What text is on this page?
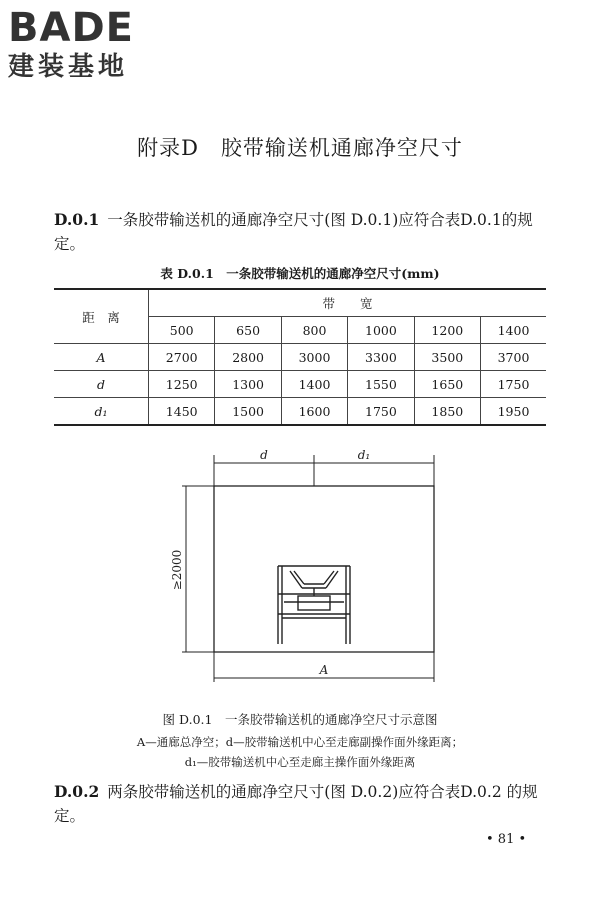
BADE
建装基地
附录D　胶带输送机通廊净空尺寸
D.0.1 一条胶带输送机的通廊净空尺寸(图 D.0.1)应符合表D.0.1的规定。
表 D.0.1　一条胶带输送机的通廊净空尺寸(mm)
距　离	带　　宽					
	500	650	800	1000	1200	1400
A	2700	2800	3000	3300	3500	3700
d	1250	1300	1400	1550	1650	1750
d₁	1450	1500	1600	1750	1850	1950
d	d₁
≥2000
A
图 D.0.1　一条胶带输送机的通廊净空尺寸示意图
A—通廊总净空；d—胶带输送机中心至走廊副操作面外缘距离；
d₁—胶带输送机中心至走廊主操作面外缘距离
D.0.2 两条胶带输送机的通廊净空尺寸(图 D.0.2)应符合表D.0.2 的规定。
• 81 •
